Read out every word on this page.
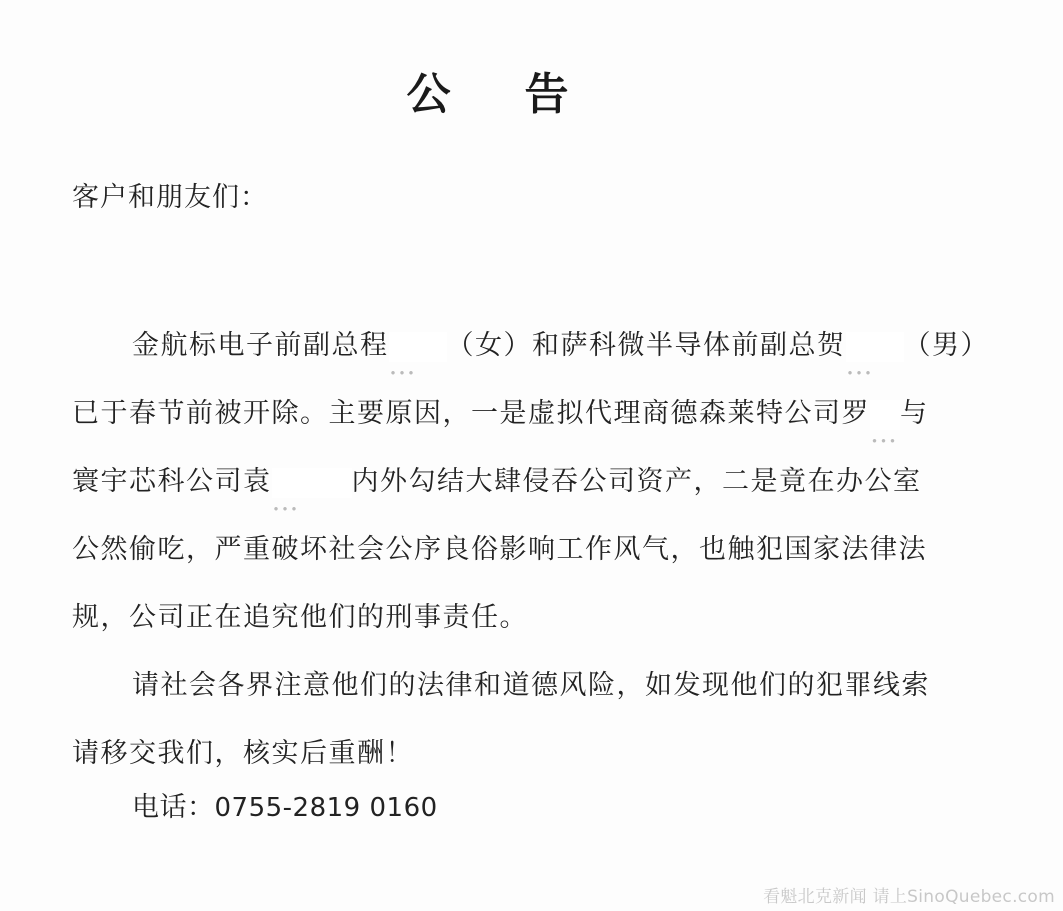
公 告
客户和朋友们：
金航标电子前副总程…（女）和萨科微半导体前副总贺…（男）
已于春节前被开除。主要原因，一是虚拟代理商德森莱特公司罗…与
寰宇芯科公司袁…内外勾结大肆侵吞公司资产，二是竟在办公室
公然偷吃，严重破坏社会公序良俗影响工作风气，也触犯国家法律法
规，公司正在追究他们的刑事责任。
请社会各界注意他们的法律和道德风险，如发现他们的犯罪线索
请移交我们，核实后重酬！
电话：0755-2819 0160
看魁北克新闻 请上SinoQuebec.com
